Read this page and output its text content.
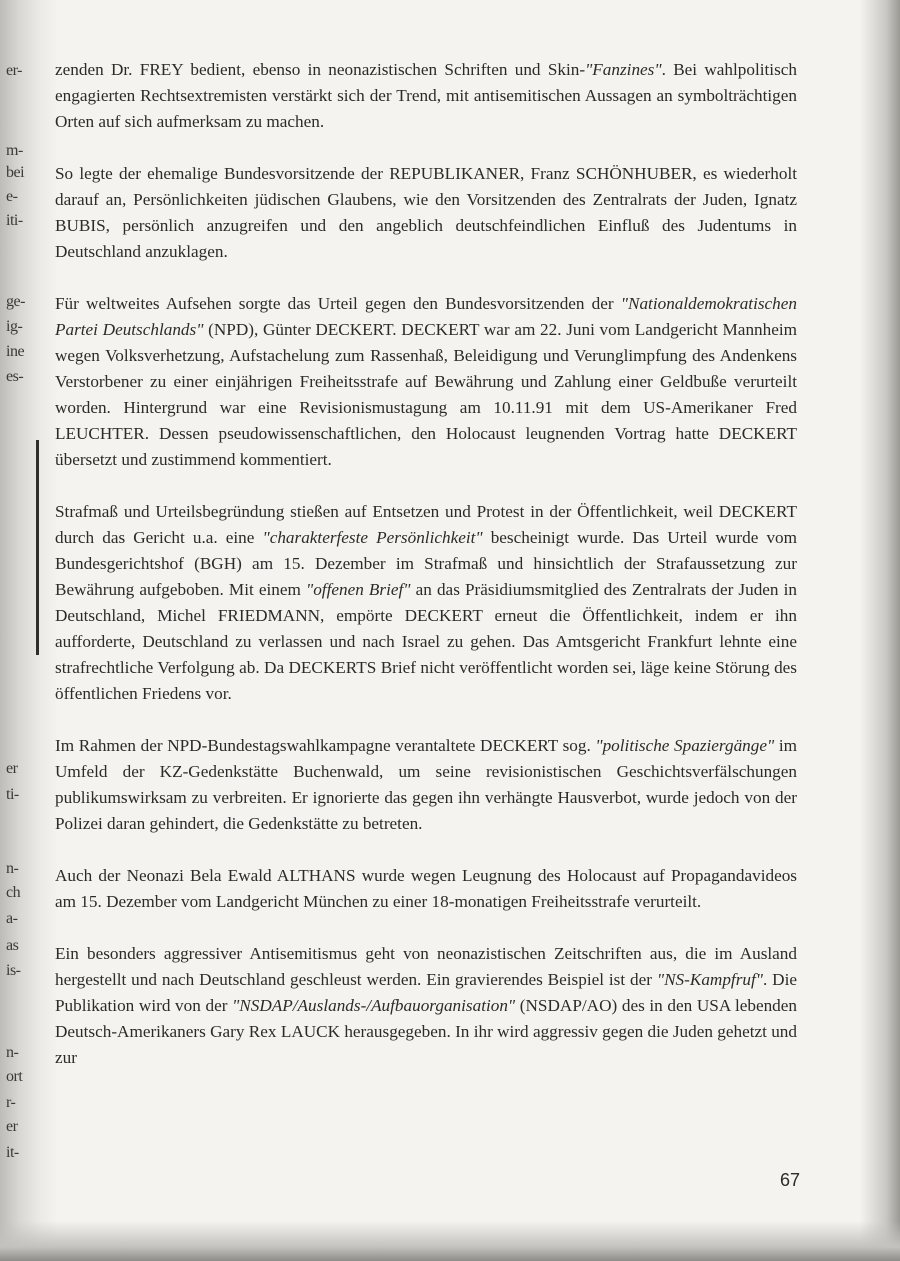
er-
m-
bei
e-
iti-
ge-
ig-
ine
es-
er
ti-
n-
ch
a-
as
is-
n-
ort
r-
er
it-

zenden Dr. FREY bedient, ebenso in neonazistischen Schriften und Skin-"Fanzines". Bei wahlpolitisch engagierten Rechtsextremisten verstärkt sich der Trend, mit antisemitischen Aussagen an symbolträchtigen Orten auf sich aufmerksam zu machen.

So legte der ehemalige Bundesvorsitzende der REPUBLIKANER, Franz SCHÖNHUBER, es wiederholt darauf an, Persönlichkeiten jüdischen Glaubens, wie den Vorsitzenden des Zentralrats der Juden, Ignatz BUBIS, persönlich anzugreifen und den angeblich deutschfeindlichen Einfluß des Judentums in Deutschland anzuklagen.

Für weltweites Aufsehen sorgte das Urteil gegen den Bundesvorsitzenden der "Nationaldemokratischen Partei Deutschlands" (NPD), Günter DECKERT. DECKERT war am 22. Juni vom Landgericht Mannheim wegen Volksverhetzung, Aufstachelung zum Rassenhaß, Beleidigung und Verunglimpfung des Andenkens Verstorbener zu einer einjährigen Freiheitsstrafe auf Bewährung und Zahlung einer Geldbuße verurteilt worden. Hintergrund war eine Revisionismustagung am 10.11.91 mit dem US-Amerikaner Fred LEUCHTER. Dessen pseudowissenschaftlichen, den Holocaust leugnenden Vortrag hatte DECKERT übersetzt und zustimmend kommentiert.

Strafmaß und Urteilsbegründung stießen auf Entsetzen und Protest in der Öffentlichkeit, weil DECKERT durch das Gericht u.a. eine "charakterfeste Persönlichkeit" bescheinigt wurde. Das Urteil wurde vom Bundesgerichtshof (BGH) am 15. Dezember im Strafmaß und hinsichtlich der Strafaussetzung zur Bewährung aufgeboben. Mit einem "offenen Brief" an das Präsidiumsmitglied des Zentralrats der Juden in Deutschland, Michel FRIEDMANN, empörte DECKERT erneut die Öffentlichkeit, indem er ihn aufforderte, Deutschland zu verlassen und nach Israel zu gehen. Das Amtsgericht Frankfurt lehnte eine strafrechtliche Verfolgung ab. Da DECKERTS Brief nicht veröffentlicht worden sei, läge keine Störung des öffentlichen Friedens vor.

Im Rahmen der NPD-Bundestagswahlkampagne verantaltete DECKERT sog. "politische Spaziergänge" im Umfeld der KZ-Gedenkstätte Buchenwald, um seine revisionistischen Geschichtsverfälschungen publikumswirksam zu verbreiten. Er ignorierte das gegen ihn verhängte Hausverbot, wurde jedoch von der Polizei daran gehindert, die Gedenkstätte zu betreten.

Auch der Neonazi Bela Ewald ALTHANS wurde wegen Leugnung des Holocaust auf Propagandavideos am 15. Dezember vom Landgericht München zu einer 18-monatigen Freiheitsstrafe verurteilt.

Ein besonders aggressiver Antisemitismus geht von neonazistischen Zeitschriften aus, die im Ausland hergestellt und nach Deutschland geschleust werden. Ein gravierendes Beispiel ist der "NS-Kampfruf". Die Publikation wird von der "NSDAP/Auslands-/Aufbauorganisation" (NSDAP/AO) des in den USA lebenden Deutsch-Amerikaners Gary Rex LAUCK herausgegeben. In ihr wird aggressiv gegen die Juden gehetzt und zur

67
